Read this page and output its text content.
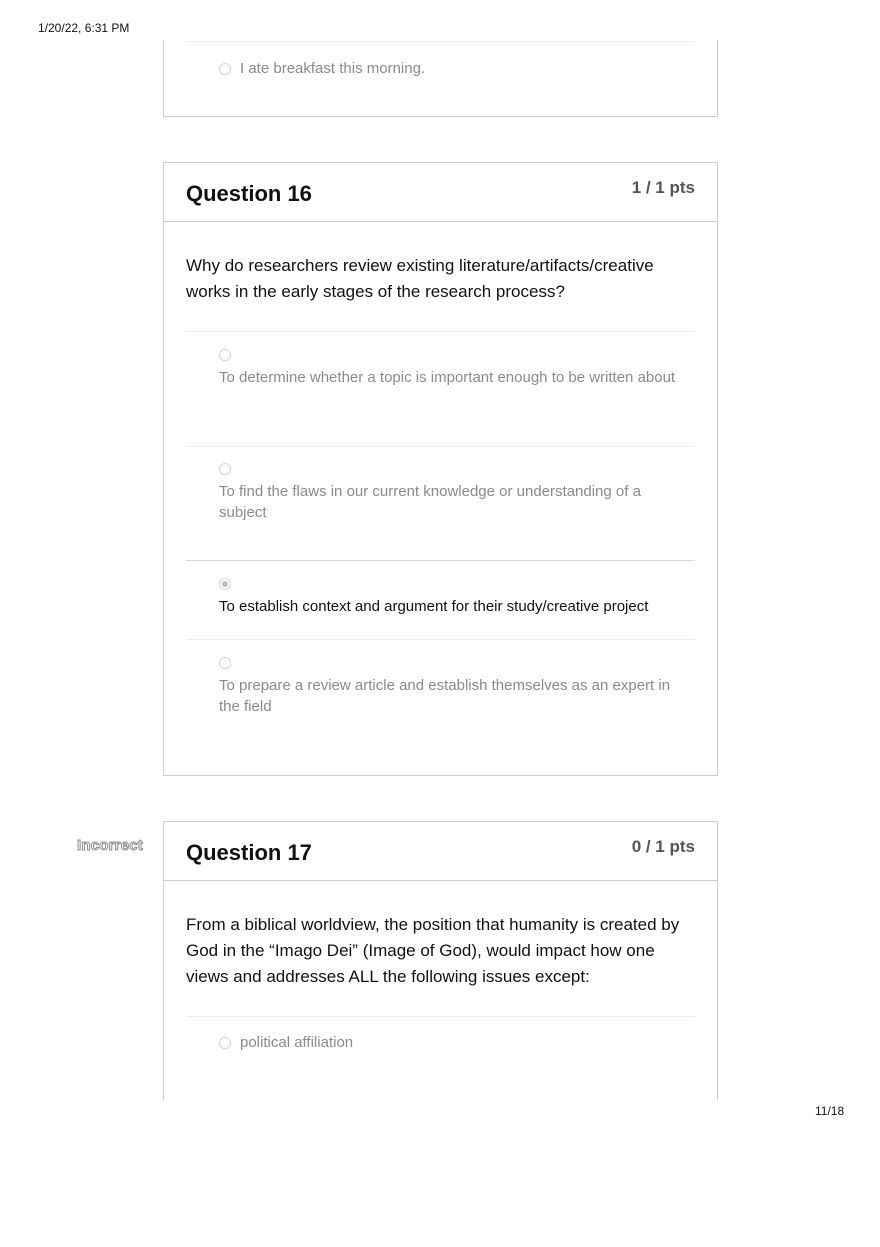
1/20/22, 6:31 PM
I ate breakfast this morning.
Question 16	1 / 1 pts
Why do researchers review existing literature/artifacts/creative works in the early stages of the research process?
To determine whether a topic is important enough to be written about
To find the flaws in our current knowledge or understanding of a subject
To establish context and argument for their study/creative project
To prepare a review article and establish themselves as an expert in the field
Incorrect Question 17	0 / 1 pts
From a biblical worldview, the position that humanity is created by God in the “Imago Dei” (Image of God), would impact how one views and addresses ALL the following issues except:
political affiliation
11/18
